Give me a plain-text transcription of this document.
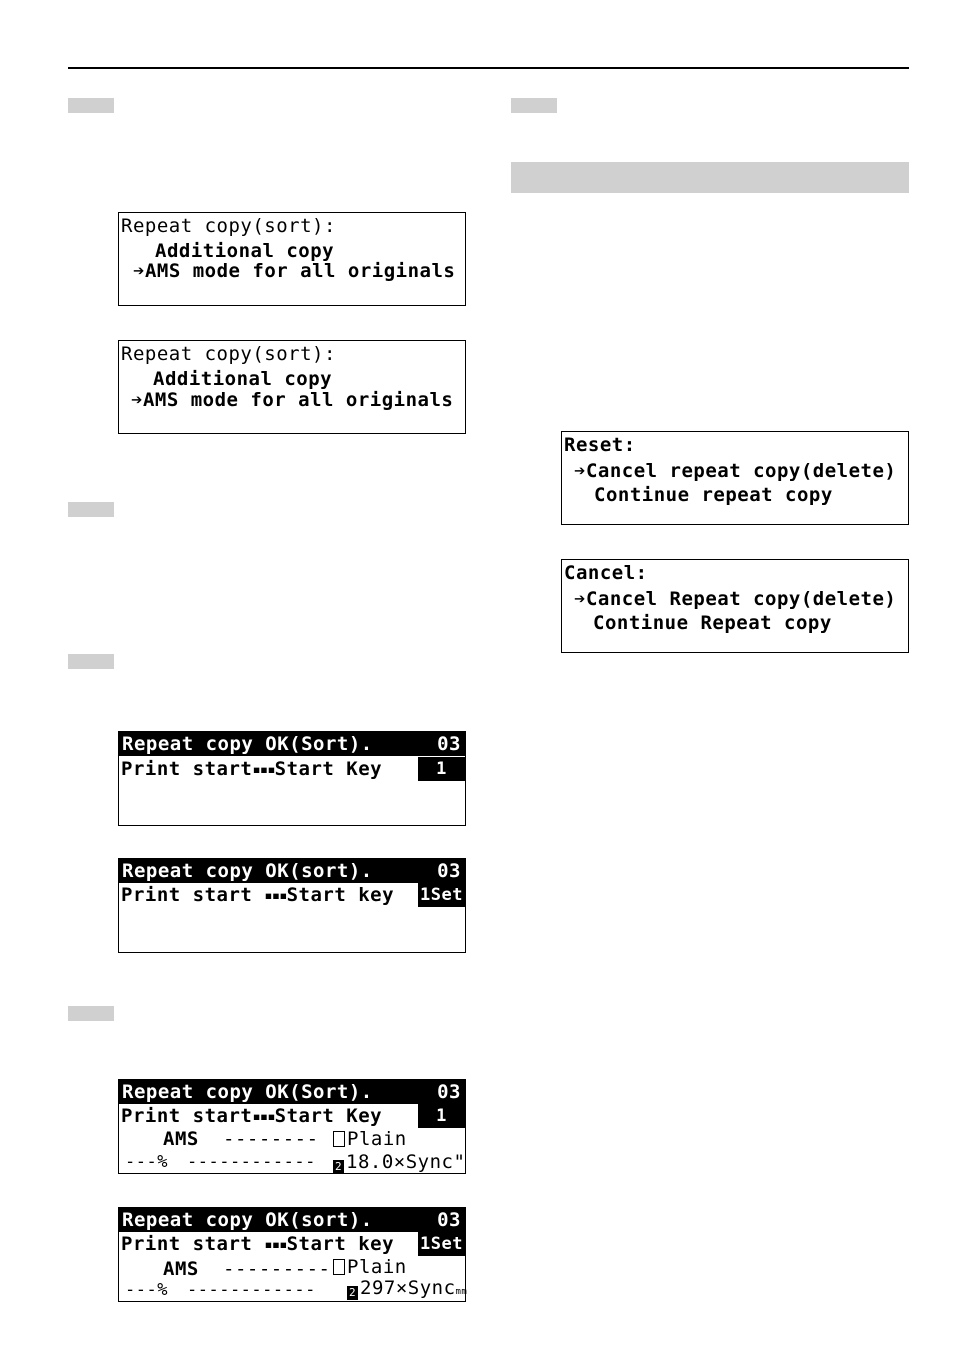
Repeat copy(sort):
Additional copy
➔AMS mode for all originals
Repeat copy(sort):
Additional copy
➔AMS mode for all originals
Repeat copy OK(Sort).	03
Print start▪▪▪Start Key	1 Set
Repeat copy OK(sort).	03
Print start ▪▪▪Start key 1Set
Repeat copy OK(Sort).	03
Print start▪▪▪Start Key	1 Set
AMS --------	Plain
---% ------------ 2 18.0×Sync"
Repeat copy OK(sort).	03
Print start ▪▪▪Start key 1Set
AMS --------- Plain
---% ------------	2 297×Syncmm
Reset:
➔Cancel repeat copy(delete)
Continue repeat copy
Cancel:
➔Cancel Repeat copy(delete)
Continue Repeat copy
